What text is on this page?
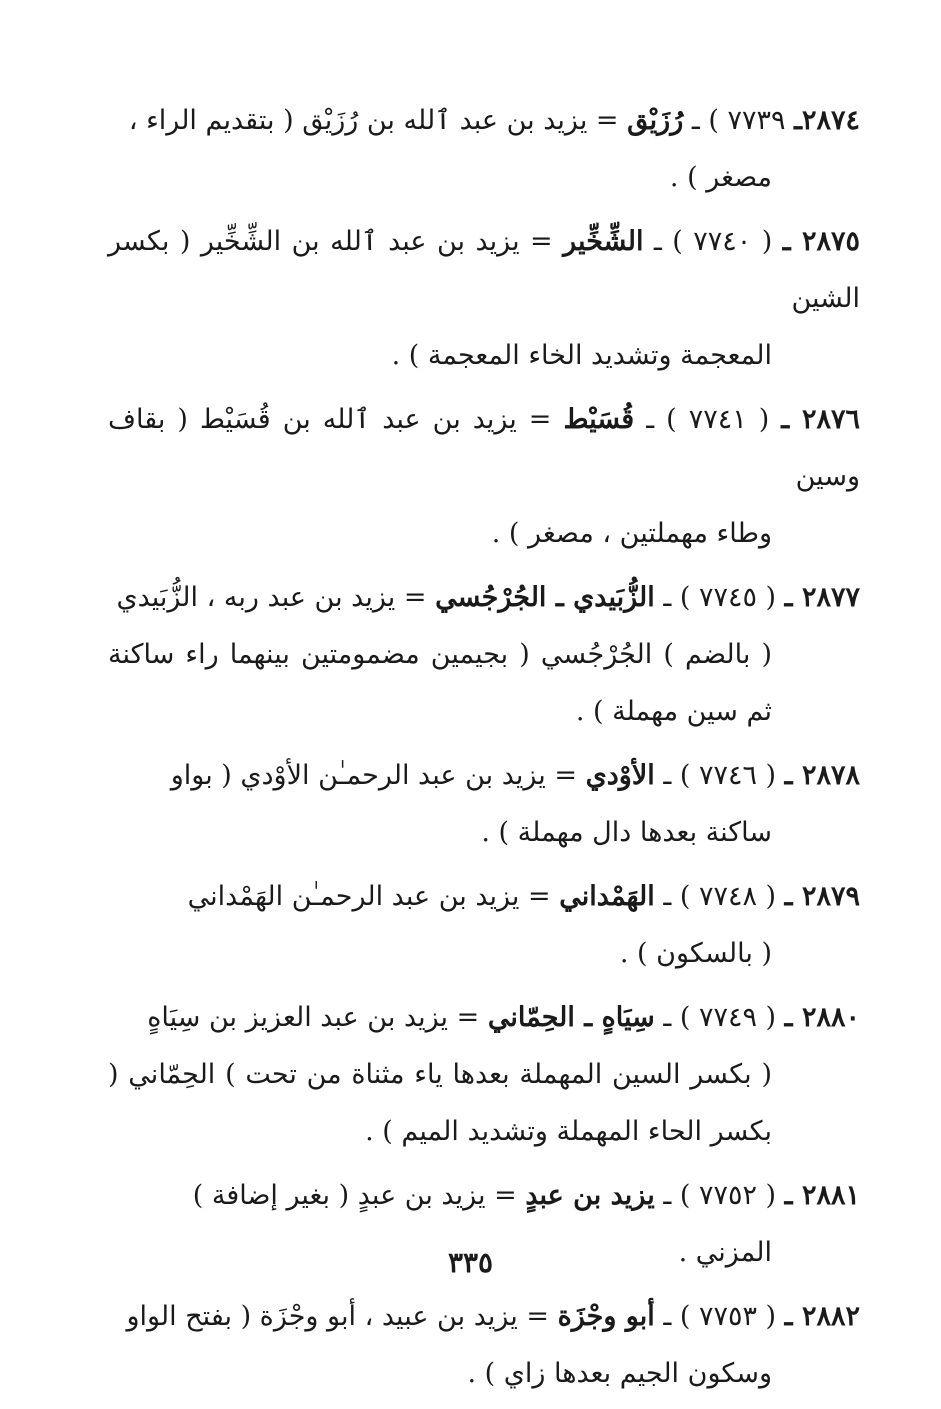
٢٨٧٤ـ ٧٧٣٩ ) ـ رُزَيْق = يزيد بن عبد ٱلله بن رُزَيْق ( بتقديم الراء ،
مصغر ) .
٢٨٧٥ ـ ( ٧٧٤٠ ) ـ الشِّخِّير = يزيد بن عبد ٱلله بن الشِّخِّير ( بكسر الشين
المعجمة وتشديد الخاء المعجمة ) .
٢٨٧٦ ـ ( ٧٧٤١ ) ـ قُسَيْط = يزيد بن عبد ٱلله بن قُسَيْط ( بقاف وسين
وطاء مهملتين ، مصغر ) .
٢٨٧٧ ـ ( ٧٧٤٥ ) ـ الزُّبَيدي ـ الجُرْجُسي = يزيد بن عبد ربه ، الزُّبَيدي
( بالضم ) الجُرْجُسي ( بجيمين مضمومتين بينهما راء ساكنة ثم سين مهملة ) .
٢٨٧٨ ـ ( ٧٧٤٦ ) ـ الأوْدي = يزيد بن عبد الرحمـٰن الأوْدي ( بواو
ساكنة بعدها دال مهملة ) .
٢٨٧٩ ـ ( ٧٧٤٨ ) ـ الهَمْداني = يزيد بن عبد الرحمـٰن الهَمْداني
( بالسكون ) .
٢٨٨٠ ـ ( ٧٧٤٩ ) ـ سِيَاهٍ ـ الحِمّاني = يزيد بن عبد العزيز بن سِيَاهٍ
( بكسر السين المهملة بعدها ياء مثناة من تحت ) الحِمّاني ( بكسر الحاء المهملة وتشديد الميم ) .
٢٨٨١ ـ ( ٧٧٥٢ ) ـ يزيد بن عبدٍ = يزيد بن عبدٍ ( بغير إضافة )
المزني .
٢٨٨٢ ـ ( ٧٧٥٣ ) ـ أبو وجْزَة = يزيد بن عبيد ، أبو وجْزَة ( بفتح الواو
وسكون الجيم بعدها زاي ) .
٣٣٥
